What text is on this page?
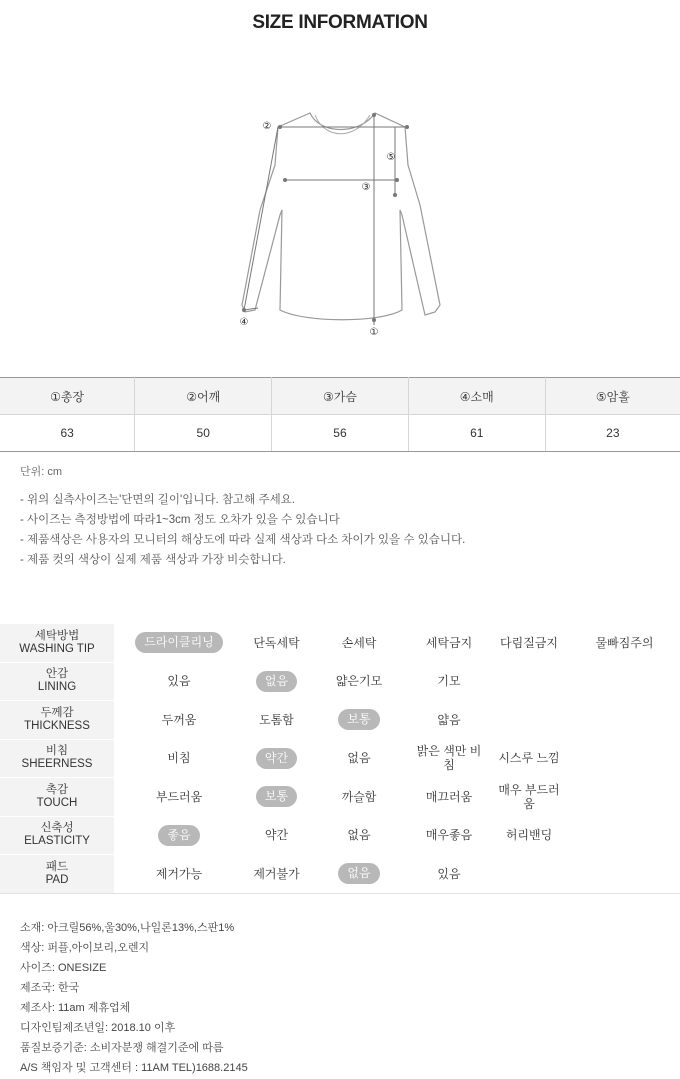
SIZE INFORMATION
②
⑤
③
④
①
①총장	②어깨	③가슴	④소매	⑤암홀
63	50	56	61	23
단위: cm
- 위의 실측사이즈는'단면의 길이'입니다. 참고해 주세요.
- 사이즈는 측정방법에 따라1~3cm 정도 오차가 있을 수 있습니다
- 제품색상은 사용자의 모니터의 해상도에 따라 실제 색상과 다소 차이가 있을 수 있습니다.
- 제품 컷의 색상이 실제 제품 색상과 가장 비슷합니다.
세탁방법
WASHING TIP	드라이클리닝	단독세탁	손세탁	세탁금지	다림질금지	물빠짐주의

안감
LINING	있음	없음	얇은기모	기모		

두께감
THICKNESS	두꺼움	도톰함	보통	얇음		

비침
SHEERNESS	비침	약간	없음	밝은 색만 비침	시스루 느낌	

촉감
TOUCH	부드러움	보통	까슬함	매끄러움	매우 부드러움	

신축성
ELASTICITY	좋음	약간	없음	매우좋음	허리밴딩	

패드
PAD	제거가능	제거불가	없음	있음		
소재: 아크릴56%,울30%,나일론13%,스판1%
색상: 퍼플,아이보리,오렌지
사이즈: ONESIZE
제조국: 한국
제조사: 11am 제휴업체
디자인팀제조년일: 2018.10 이후
품질보증기준: 소비자분쟁 해결기준에 따름
A/S 책임자 및 고객센터 : 11AM TEL)1688.2145
